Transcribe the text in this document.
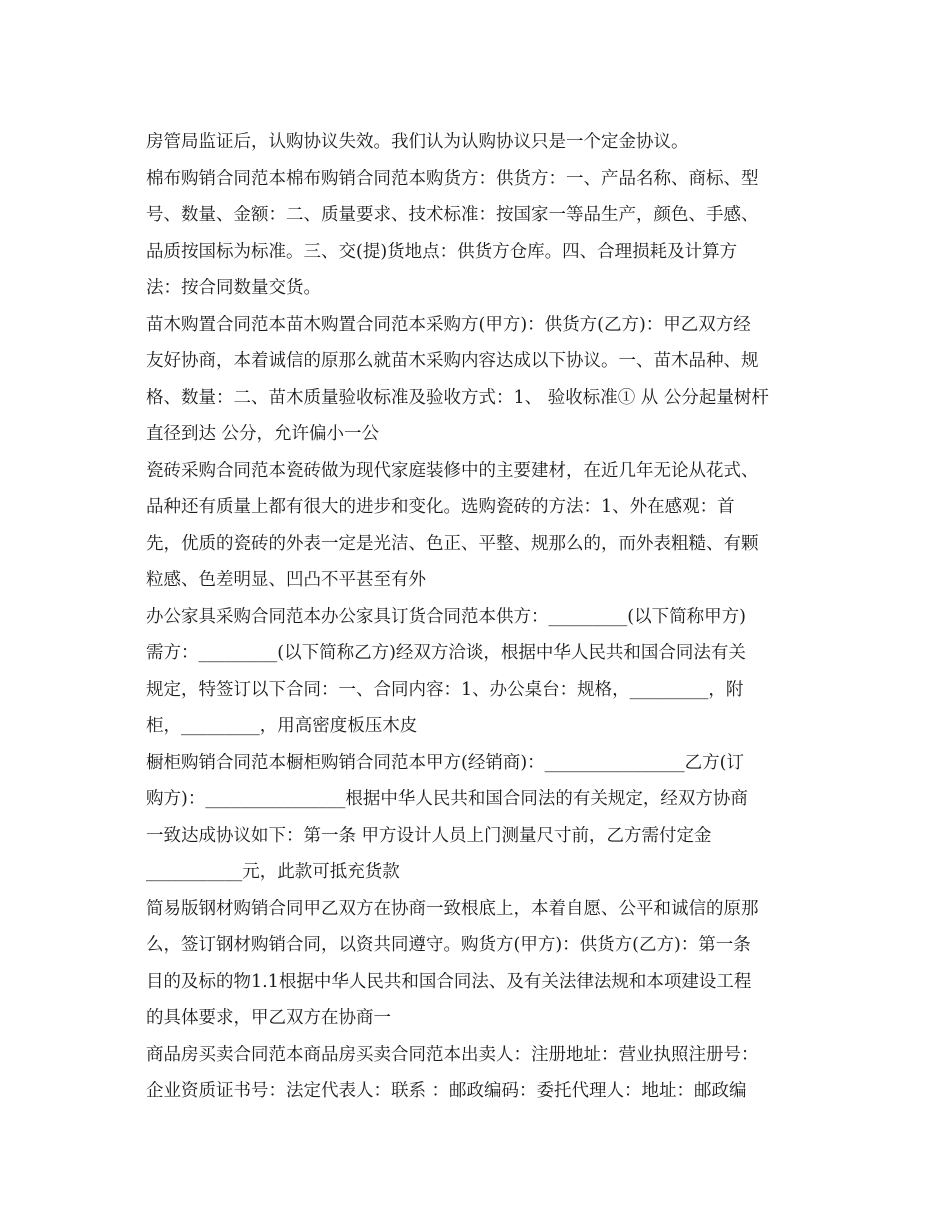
房管局监证后，认购协议失效。我们认为认购协议只是一个定金协议。
棉布购销合同范本棉布购销合同范本购货方：供货方：一、产品名称、商标、型
号、数量、金额：二、质量要求、技术标准：按国家一等品生产，颜色、手感、
品质按国标为标准。三、交(提)货地点：供货方仓库。四、合理损耗及计算方
法：按合同数量交货。
苗木购置合同范本苗木购置合同范本采购方(甲方)：供货方(乙方)：甲乙双方经
友好协商，本着诚信的原那么就苗木采购内容达成以下协议。一、苗木品种、规
格、数量：二、苗木质量验收标准及验收方式：1、 验收标准① 从 公分起量树杆
直径到达 公分，允许偏小一公
瓷砖采购合同范本瓷砖做为现代家庭装修中的主要建材，在近几年无论从花式、
品种还有质量上都有很大的进步和变化。选购瓷砖的方法：1、外在感观：首
先，优质的瓷砖的外表一定是光洁、色正、平整、规那么的，而外表粗糙、有颗
粒感、色差明显、凹凸不平甚至有外
办公家具采购合同范本办公家具订货合同范本供方：_________(以下简称甲方)
需方：_________(以下简称乙方)经双方洽谈，根据中华人民共和国合同法有关
规定，特签订以下合同：一、合同内容：1、办公桌台：规格，_________，附
柜，_________，用高密度板压木皮
橱柜购销合同范本橱柜购销合同范本甲方(经销商)：________________乙方(订
购方)：________________根据中华人民共和国合同法的有关规定，经双方协商
一致达成协议如下：第一条 甲方设计人员上门测量尺寸前，乙方需付定金
___________元，此款可抵充货款
简易版钢材购销合同甲乙双方在协商一致根底上，本着自愿、公平和诚信的原那
么，签订钢材购销合同，以资共同遵守。购货方(甲方)：供货方(乙方)：第一条
目的及标的物1.1根据中华人民共和国合同法、及有关法律法规和本项建设工程
的具体要求，甲乙双方在协商一
商品房买卖合同范本商品房买卖合同范本出卖人：注册地址：营业执照注册号：
企业资质证书号：法定代表人：联系 ：邮政编码：委托代理人：地址：邮政编
